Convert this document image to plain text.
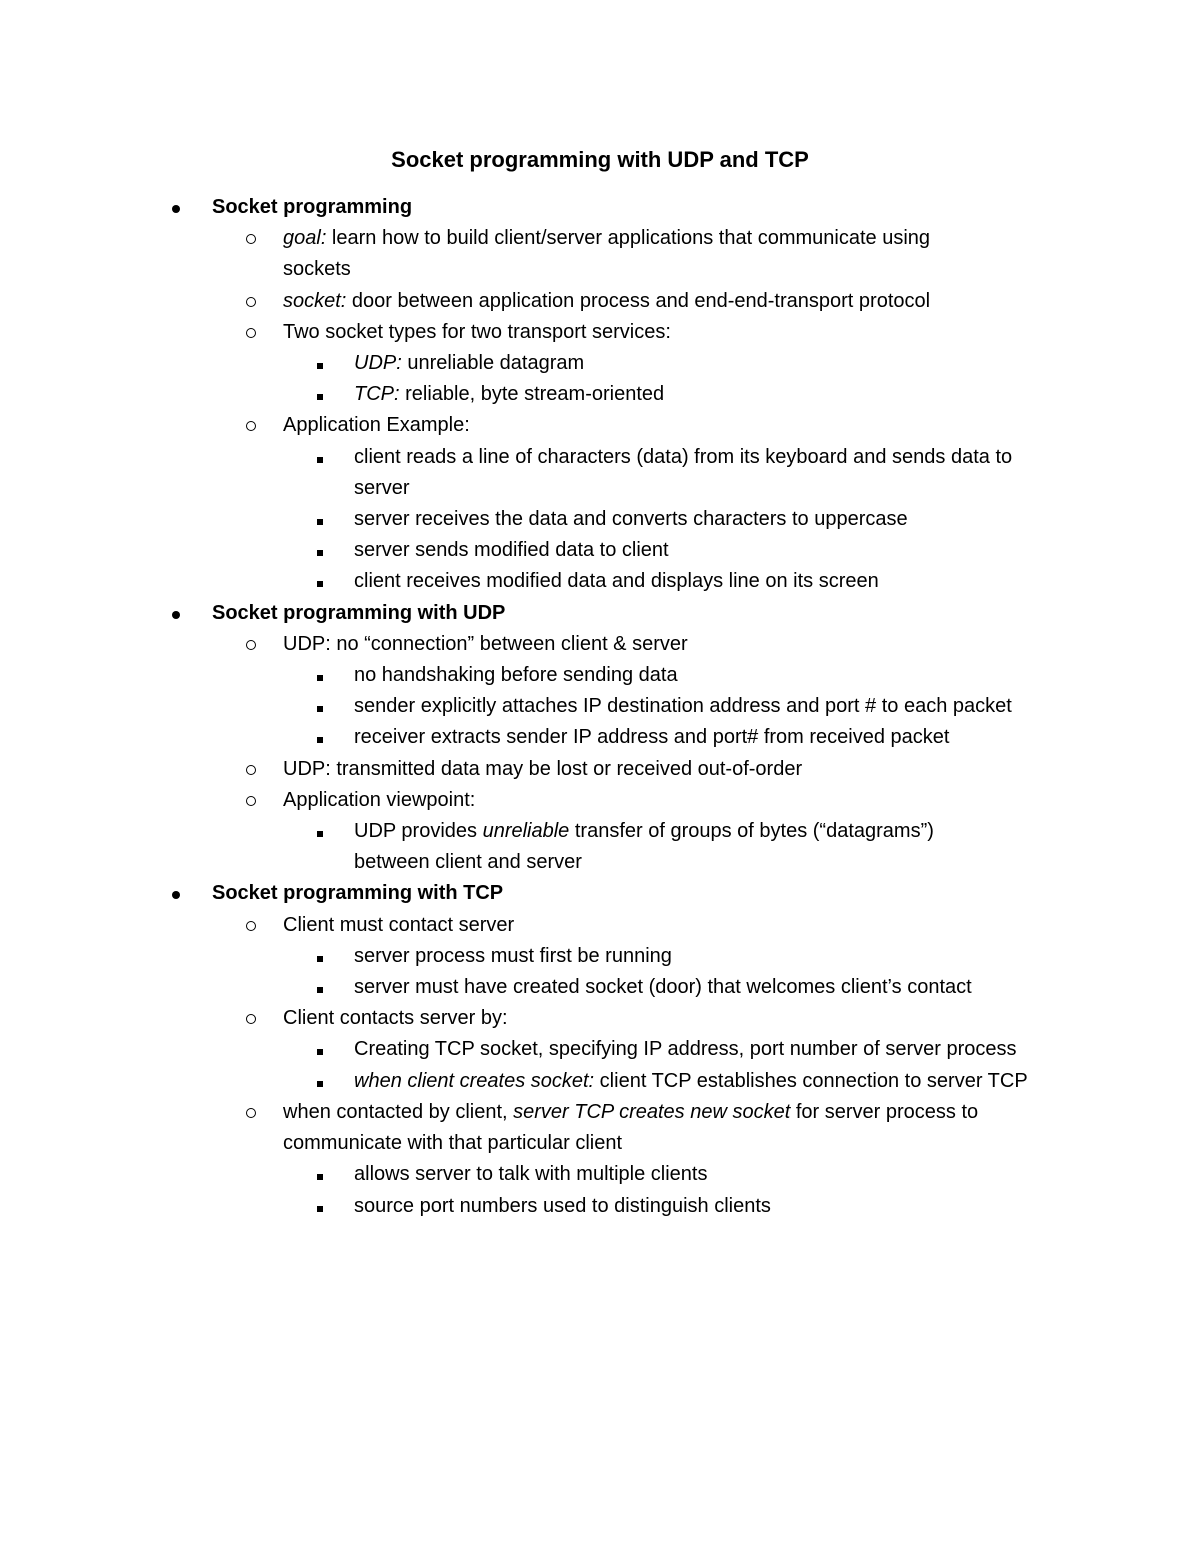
Socket programming with UDP and TCP
Socket programming
goal: learn how to build client/server applications that communicate using sockets
socket: door between application process and end-end-transport protocol
Two socket types for two transport services:
UDP: unreliable datagram
TCP: reliable, byte stream-oriented
Application Example:
client reads a line of characters (data) from its keyboard and sends data to server
server receives the data and converts characters to uppercase
server sends modified data to client
client receives modified data and displays line on its screen
Socket programming with UDP
UDP: no “connection” between client & server
no handshaking before sending data
sender explicitly attaches IP destination address and port # to each packet
receiver extracts sender IP address and port# from received packet
UDP: transmitted data may be lost or received out-of-order
Application viewpoint:
UDP provides unreliable transfer of groups of bytes (“datagrams”) between client and server
Socket programming with TCP
Client must contact server
server process must first be running
server must have created socket (door) that welcomes client’s contact
Client contacts server by:
Creating TCP socket, specifying IP address, port number of server process
when client creates socket: client TCP establishes connection to server TCP
when contacted by client, server TCP creates new socket for server process to communicate with that particular client
allows server to talk with multiple clients
source port numbers used to distinguish clients
